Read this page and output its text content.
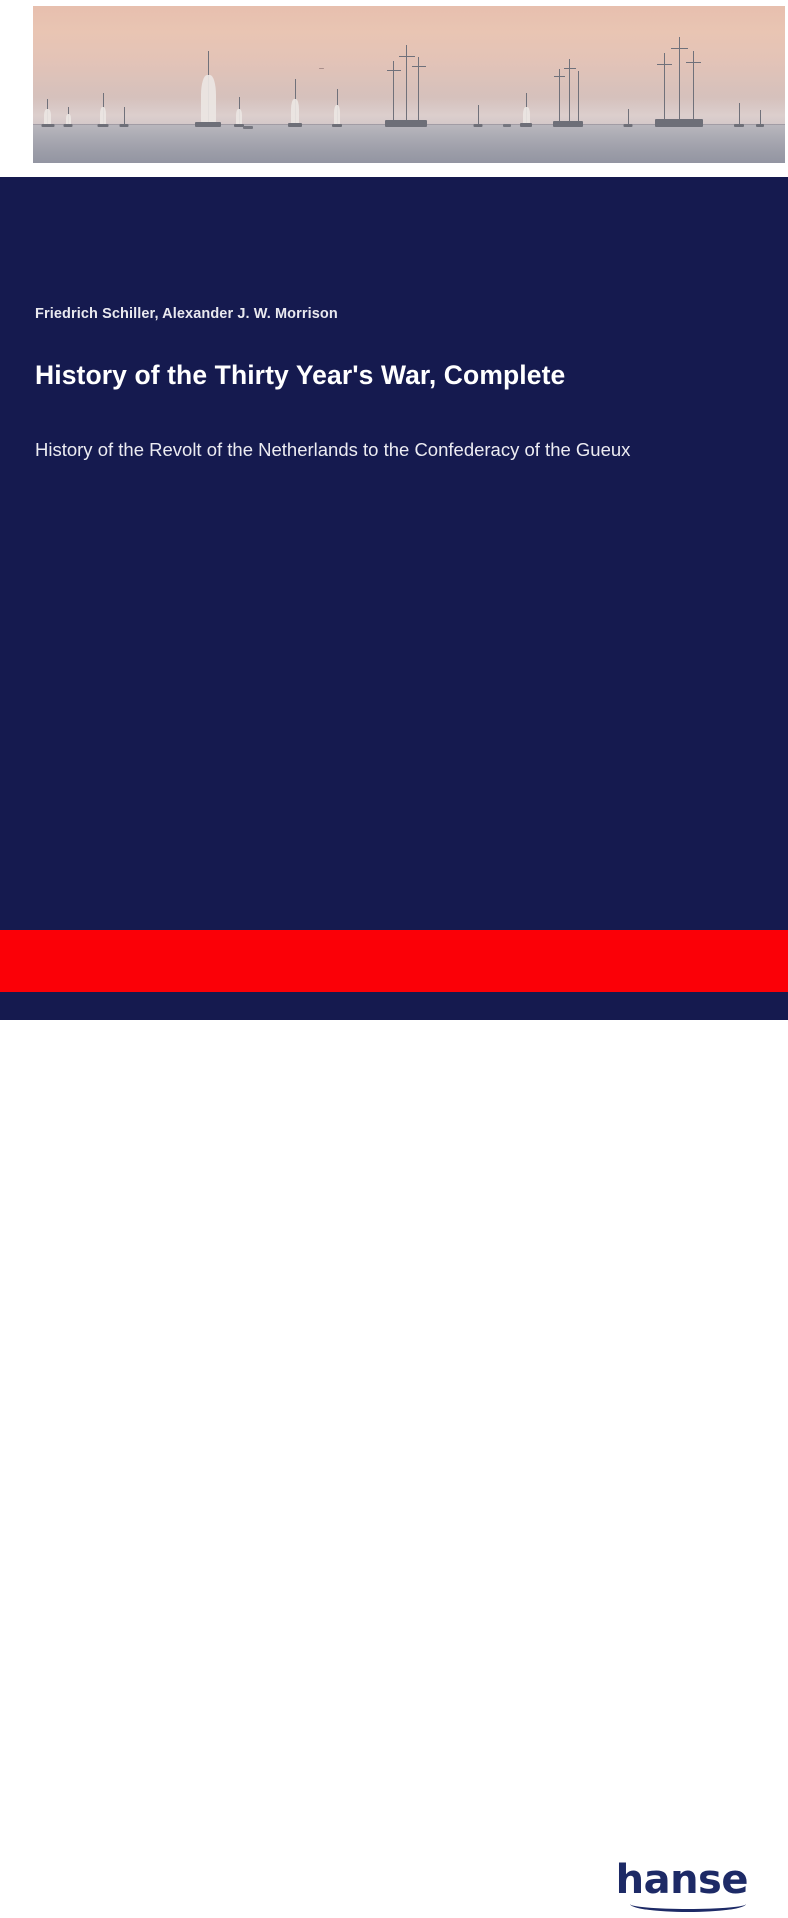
Friedrich Schiller, Alexander J. W. Morrison
History of the Thirty Year's War, Complete
History of the Revolt of the Netherlands to the Confederacy of the Gueux
hanse
